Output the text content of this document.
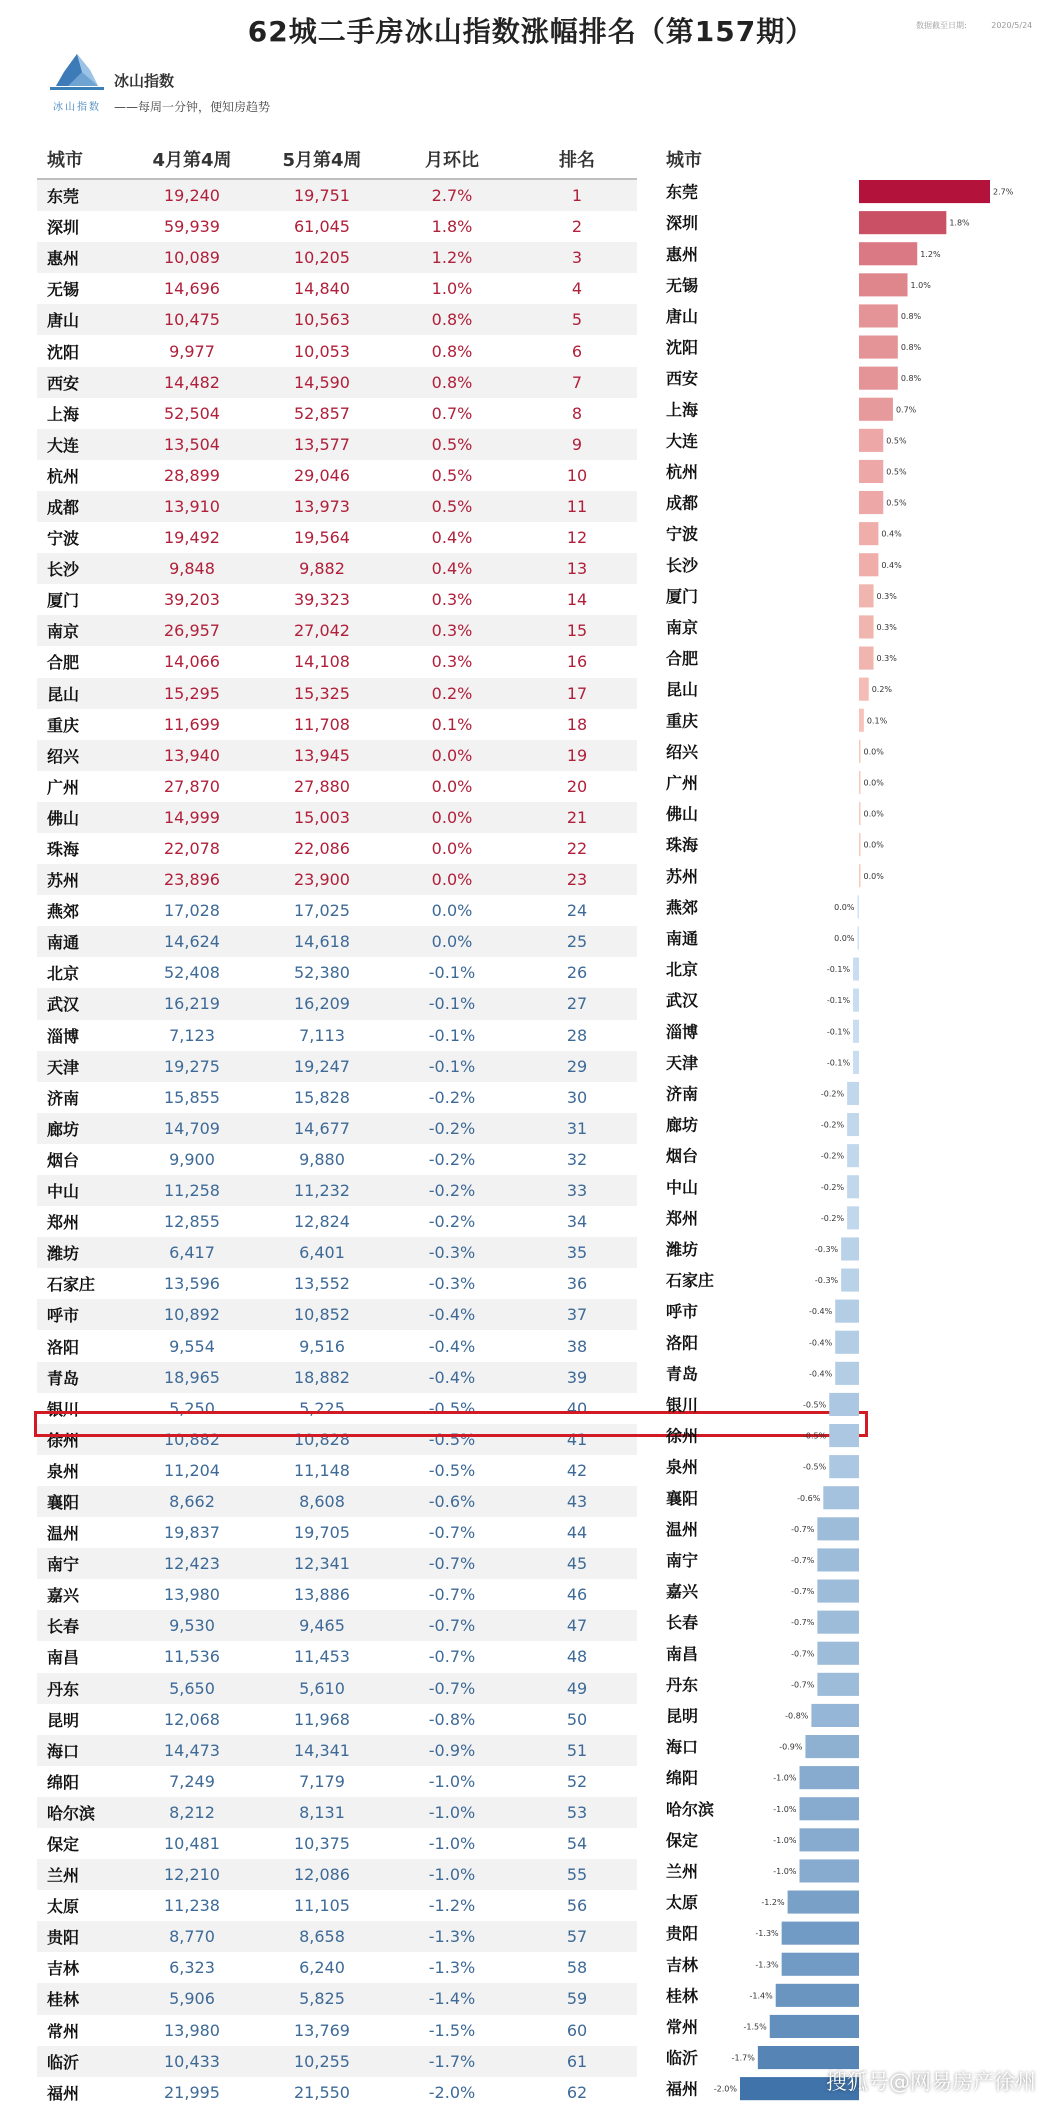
62城二手房冰山指数涨幅排名（第157期）	数据截至日期:	2020/5/24
冰山指数
冰山指数
——每周一分钟，便知房趋势
城市	4月第4周	5月第4周	月环比	排名
东莞	19,240	19,751	2.7%	1
深圳	59,939	61,045	1.8%	2
惠州	10,089	10,205	1.2%	3
无锡	14,696	14,840	1.0%	4
唐山	10,475	10,563	0.8%	5
沈阳	9,977	10,053	0.8%	6
西安	14,482	14,590	0.8%	7
上海	52,504	52,857	0.7%	8
大连	13,504	13,577	0.5%	9
杭州	28,899	29,046	0.5%	10
成都	13,910	13,973	0.5%	11
宁波	19,492	19,564	0.4%	12
长沙	9,848	9,882	0.4%	13
厦门	39,203	39,323	0.3%	14
南京	26,957	27,042	0.3%	15
合肥	14,066	14,108	0.3%	16
昆山	15,295	15,325	0.2%	17
重庆	11,699	11,708	0.1%	18
绍兴	13,940	13,945	0.0%	19
广州	27,870	27,880	0.0%	20
佛山	14,999	15,003	0.0%	21
珠海	22,078	22,086	0.0%	22
苏州	23,896	23,900	0.0%	23
燕郊	17,028	17,025	0.0%	24
南通	14,624	14,618	0.0%	25
北京	52,408	52,380	-0.1%	26
武汉	16,219	16,209	-0.1%	27
淄博	7,123	7,113	-0.1%	28
天津	19,275	19,247	-0.1%	29
济南	15,855	15,828	-0.2%	30
廊坊	14,709	14,677	-0.2%	31
烟台	9,900	9,880	-0.2%	32
中山	11,258	11,232	-0.2%	33
郑州	12,855	12,824	-0.2%	34
潍坊	6,417	6,401	-0.3%	35
石家庄	13,596	13,552	-0.3%	36
呼市	10,892	10,852	-0.4%	37
洛阳	9,554	9,516	-0.4%	38
青岛	18,965	18,882	-0.4%	39
银川	5,250	5,225	-0.5%	40
徐州	10,882	10,828	-0.5%	41
泉州	11,204	11,148	-0.5%	42
襄阳	8,662	8,608	-0.6%	43
温州	19,837	19,705	-0.7%	44
南宁	12,423	12,341	-0.7%	45
嘉兴	13,980	13,886	-0.7%	46
长春	9,530	9,465	-0.7%	47
南昌	11,536	11,453	-0.7%	48
丹东	5,650	5,610	-0.7%	49
昆明	12,068	11,968	-0.8%	50
海口	14,473	14,341	-0.9%	51
绵阳	7,249	7,179	-1.0%	52
哈尔滨	8,212	8,131	-1.0%	53
保定	10,481	10,375	-1.0%	54
兰州	12,210	12,086	-1.0%	55
太原	11,238	11,105	-1.2%	56
贵阳	8,770	8,658	-1.3%	57
吉林	6,323	6,240	-1.3%	58
桂林	5,906	5,825	-1.4%	59
常州	13,980	13,769	-1.5%	60
临沂	10,433	10,255	-1.7%	61
福州	21,995	21,550	-2.0%	62
城市
东莞	2.7%
深圳	1.8%
惠州	1.2%
无锡	1.0%
唐山	0.8%
沈阳	0.8%
西安	0.8%
上海	0.7%
大连	0.5%
杭州	0.5%
成都	0.5%
宁波	0.4%
长沙	0.4%
厦门	0.3%
南京	0.3%
合肥	0.3%
昆山	0.2%
重庆	0.1%
绍兴	0.0%
广州	0.0%
佛山	0.0%
珠海	0.0%
苏州	0.0%
燕郊	0.0%
南通	0.0%
北京	-0.1%
武汉	-0.1%
淄博	-0.1%
天津	-0.1%
济南	-0.2%
廊坊	-0.2%
烟台	-0.2%
中山	-0.2%
郑州	-0.2%
潍坊	-0.3%
石家庄	-0.3%
呼市	-0.4%
洛阳	-0.4%
青岛	-0.4%
银川	-0.5%
徐州	-0.5%
泉州	-0.5%
襄阳	-0.6%
温州	-0.7%
南宁	-0.7%
嘉兴	-0.7%
长春	-0.7%
南昌	-0.7%
丹东	-0.7%
昆明	-0.8%
海口	-0.9%
绵阳	-1.0%
哈尔滨	-1.0%
保定	-1.0%
兰州	-1.0%
太原	-1.2%
贵阳	-1.3%
吉林	-1.3%
桂林	-1.4%
常州	-1.5%
临沂	-1.7%
福州 -2.0%	搜狐号@网易房产徐州
